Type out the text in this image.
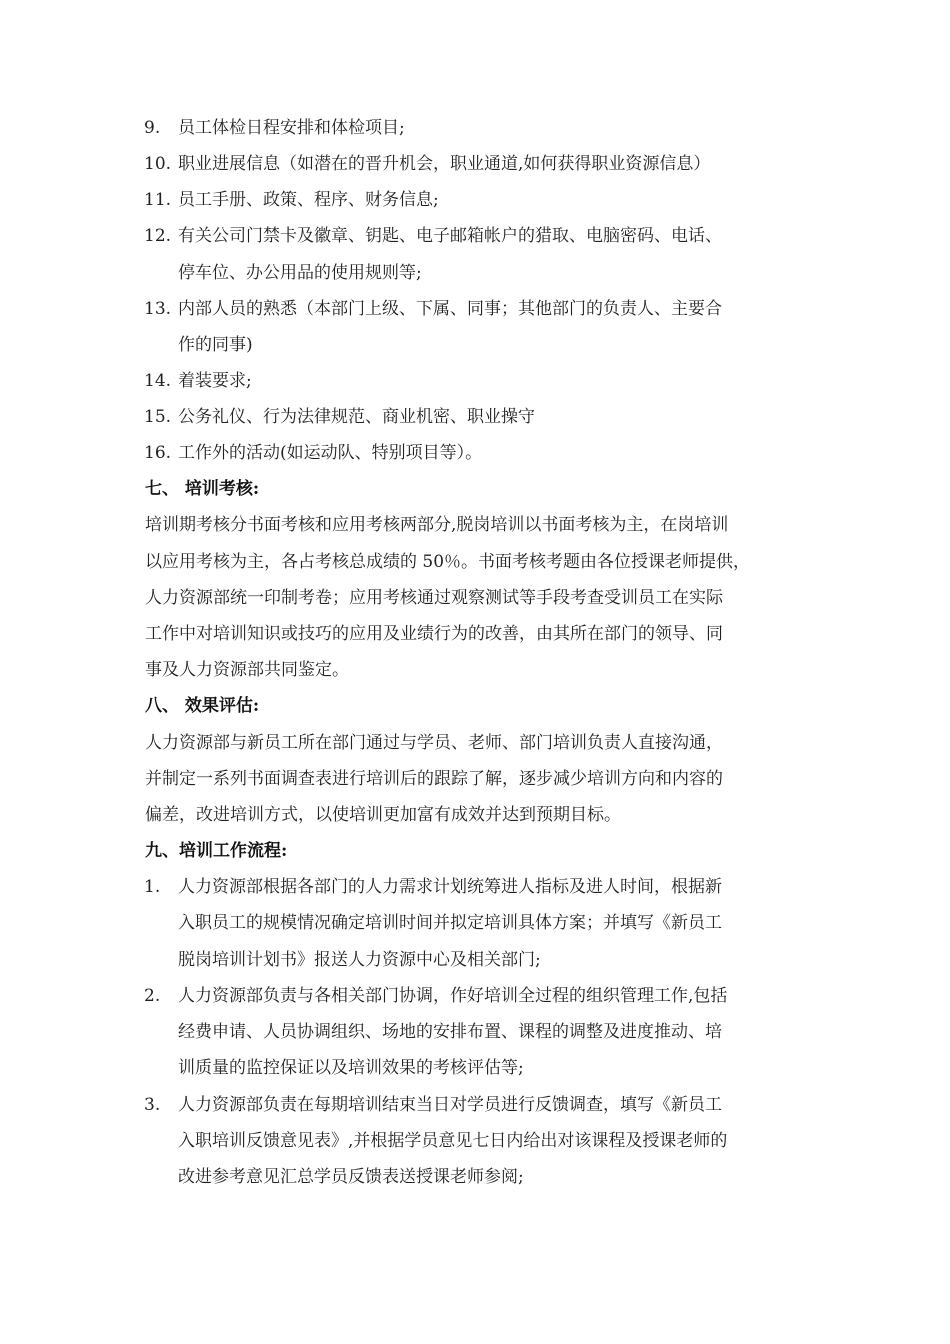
9. 员工体检日程安排和体检项目;
10. 职业进展信息（如潜在的晋升机会，职业通道,如何获得职业资源信息）
11. 员工手册、政策、程序、财务信息;
12. 有关公司门禁卡及徽章、钥匙、电子邮箱帐户的猎取、电脑密码、电话、
停车位、办公用品的使用规则等;
13. 内部人员的熟悉（本部门上级、下属、同事；其他部门的负责人、主要合
作的同事)
14. 着装要求;
15. 公务礼仪、行为法律规范、商业机密、职业操守
16. 工作外的活动(如运动队、特别项目等）。
七、 培训考核:
培训期考核分书面考核和应用考核两部分,脱岗培训以书面考核为主，在岗培训
以应用考核为主，各占考核总成绩的 50％。书面考核考题由各位授课老师提供，
人力资源部统一印制考卷；应用考核通过观察测试等手段考查受训员工在实际
工作中对培训知识或技巧的应用及业绩行为的改善，由其所在部门的领导、同
事及人力资源部共同鉴定。
八、 效果评估:
人力资源部与新员工所在部门通过与学员、老师、部门培训负责人直接沟通，
并制定一系列书面调查表进行培训后的跟踪了解，逐步减少培训方向和内容的
偏差，改进培训方式，以使培训更加富有成效并达到预期目标。
九、培训工作流程:
1. 人力资源部根据各部门的人力需求计划统筹进人指标及进人时间，根据新
入职员工的规模情况确定培训时间并拟定培训具体方案；并填写《新员工
脱岗培训计划书》报送人力资源中心及相关部门;
2. 人力资源部负责与各相关部门协调，作好培训全过程的组织管理工作,包括
经费申请、人员协调组织、场地的安排布置、课程的调整及进度推动、培
训质量的监控保证以及培训效果的考核评估等;
3. 人力资源部负责在每期培训结束当日对学员进行反馈调查，填写《新员工
入职培训反馈意见表》,并根据学员意见七日内给出对该课程及授课老师的
改进参考意见汇总学员反馈表送授课老师参阅;
